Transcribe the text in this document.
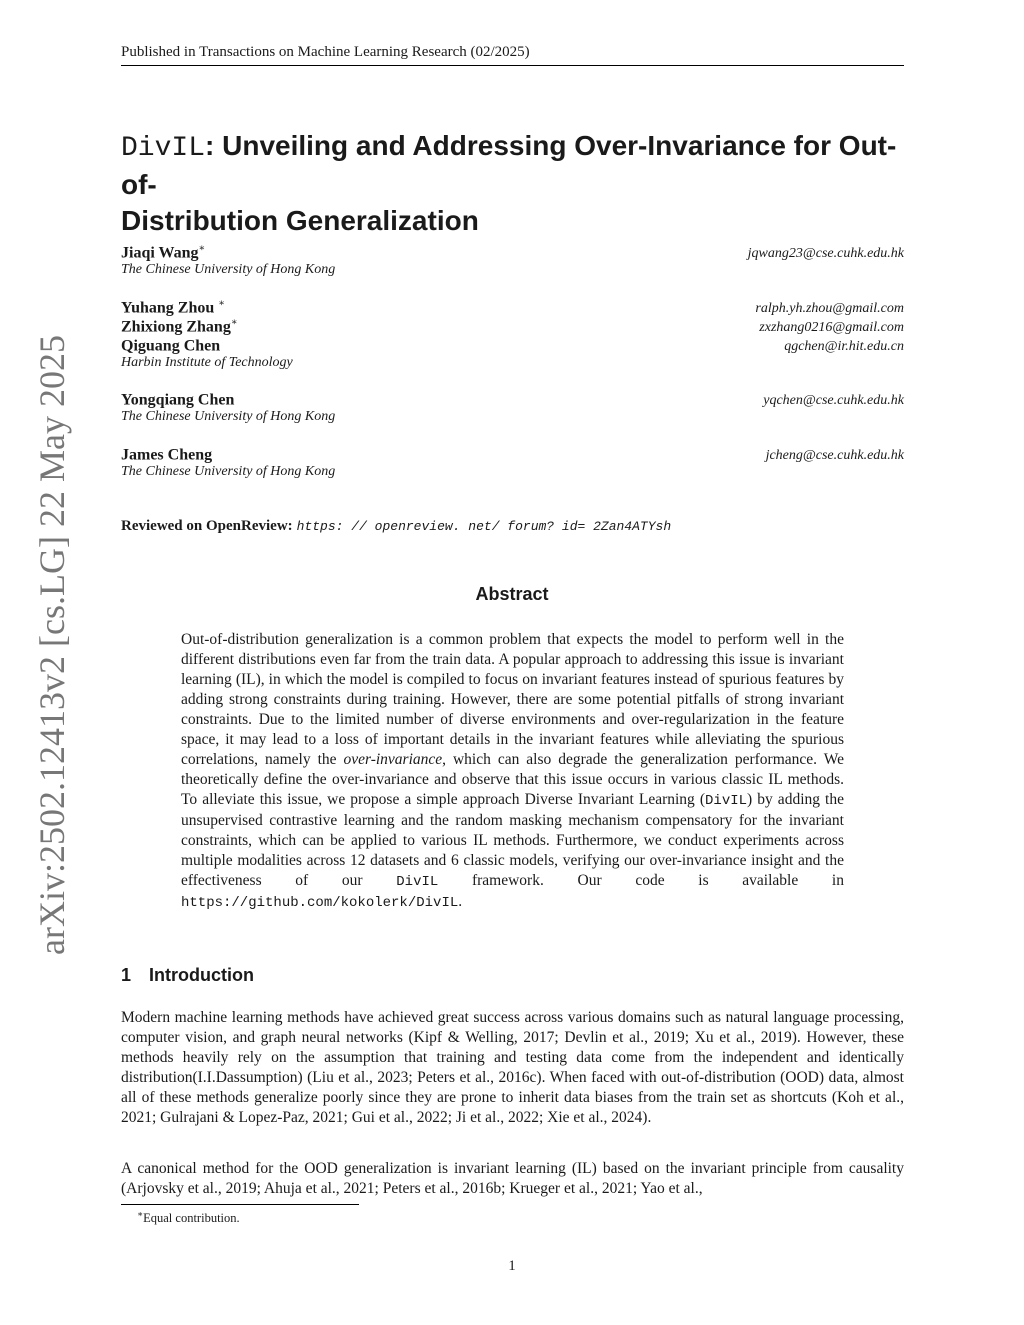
Published in Transactions on Machine Learning Research (02/2025)
arXiv:2502.12413v2 [cs.LG] 22 May 2025
DivIL: Unveiling and Addressing Over-Invariance for Out-of-
Distribution Generalization
Jiaqi Wang∗	jqwang23@cse.cuhk.edu.hk
The Chinese University of Hong Kong
Yuhang Zhou ∗	ralph.yh.zhou@gmail.com
Zhixiong Zhang∗	zxzhang0216@gmail.com
Qiguang Chen	qgchen@ir.hit.edu.cn
Harbin Institute of Technology
Yongqiang Chen	yqchen@cse.cuhk.edu.hk
The Chinese University of Hong Kong
James Cheng	jcheng@cse.cuhk.edu.hk
The Chinese University of Hong Kong
Reviewed on OpenReview: https: // openreview. net/ forum? id= 2Zan4ATYsh
Abstract

Out-of-distribution generalization is a common problem that expects the model to perform well in the different distributions even far from the train data. A popular approach to addressing this issue is invariant learning (IL), in which the model is compiled to focus on invariant features instead of spurious features by adding strong constraints during training. However, there are some potential pitfalls of strong invariant constraints. Due to the limited number of diverse environments and over-regularization in the feature space, it may lead to a loss of important details in the invariant features while alleviating the spurious correlations, namely the over-invariance, which can also degrade the generalization performance. We theoretically define the over-invariance and observe that this issue occurs in various classic IL methods. To alleviate this issue, we propose a simple approach Diverse Invariant Learning (DivIL) by adding the unsupervised contrastive learning and the random masking mechanism compensatory for the invariant constraints, which can be applied to various IL methods. Furthermore, we conduct experiments across multiple modalities across 12 datasets and 6 classic models, verifying our over-invariance insight and the effectiveness of our DivIL framework. Our code is available in https://github.com/kokolerk/DivIL.

1 Introduction

Modern machine learning methods have achieved great success across various domains such as natural language processing, computer vision, and graph neural networks (Kipf & Welling, 2017; Devlin et al., 2019; Xu et al., 2019). However, these methods heavily rely on the assumption that training and testing data come from the independent and identically distribution(I.I.Dassumption) (Liu et al., 2023; Peters et al., 2016c). When faced with out-of-distribution (OOD) data, almost all of these methods generalize poorly since they are prone to inherit data biases from the train set as shortcuts (Koh et al., 2021; Gulrajani & Lopez-Paz, 2021; Gui et al., 2022; Ji et al., 2022; Xie et al., 2024).

A canonical method for the OOD generalization is invariant learning (IL) based on the invariant principle from causality (Arjovsky et al., 2019; Ahuja et al., 2021; Peters et al., 2016b; Krueger et al., 2021; Yao et al.,

∗Equal contribution.
1
